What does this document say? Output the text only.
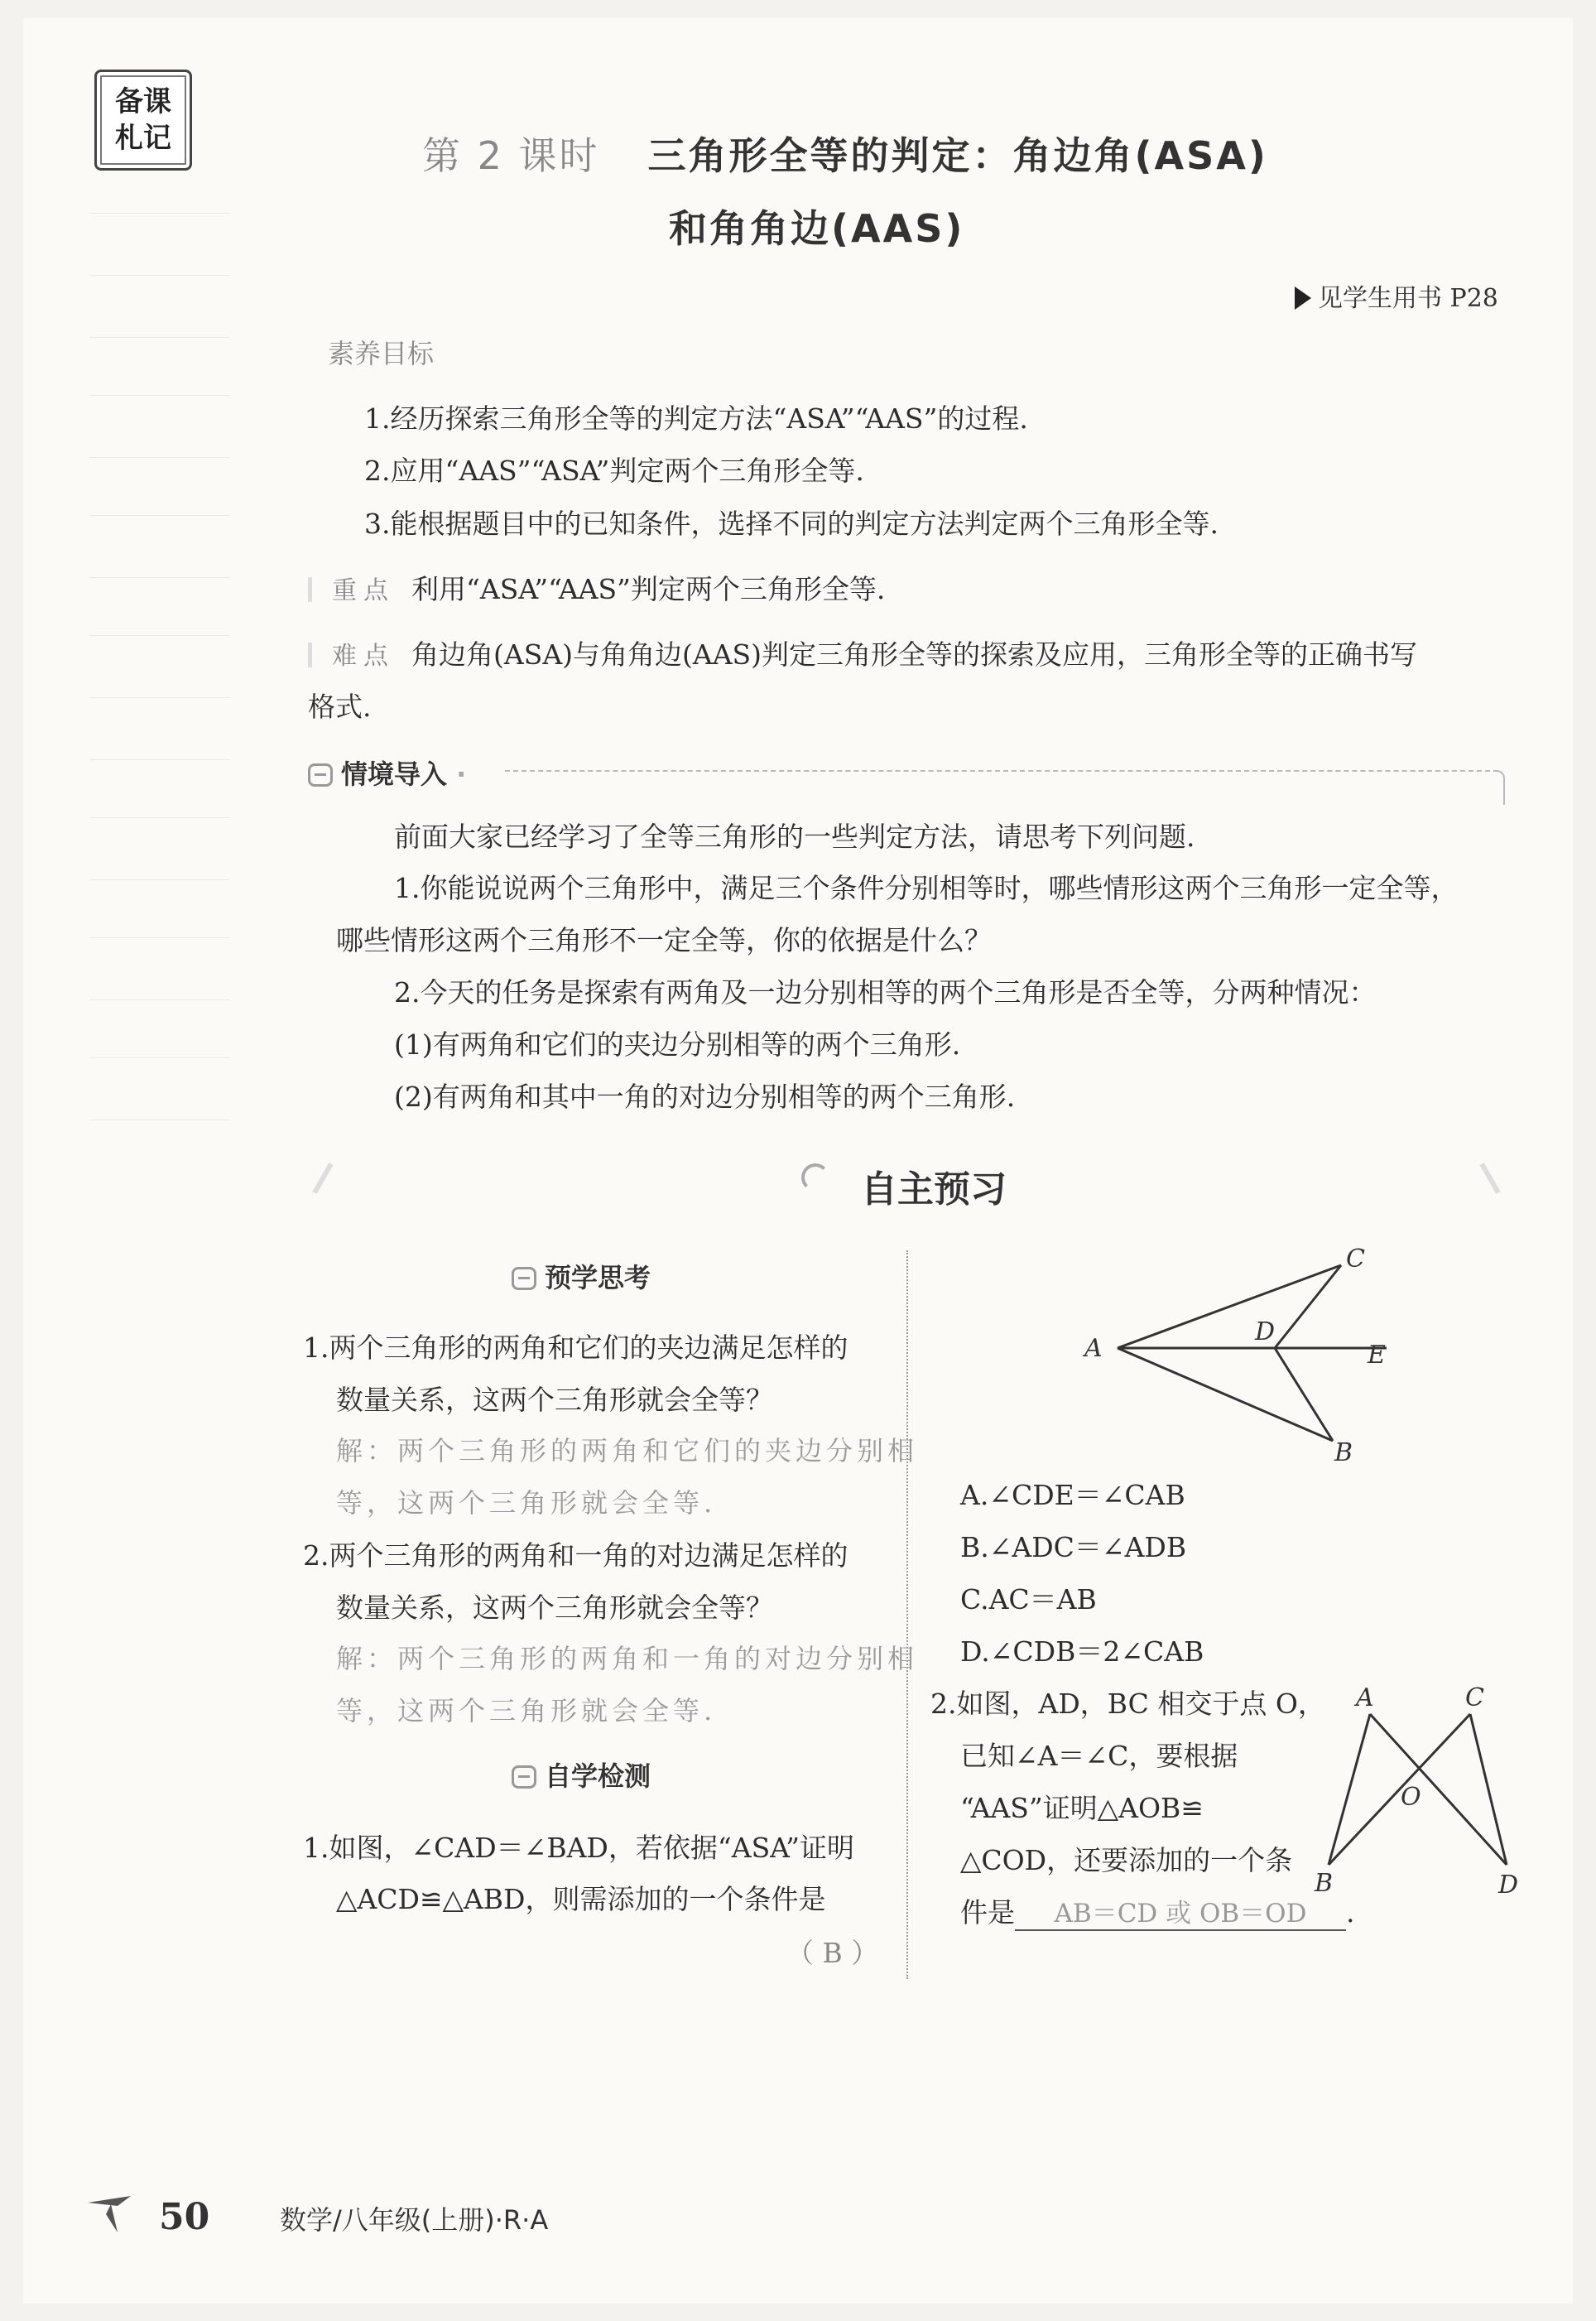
备课
札记	第 2 课时 三角形全等的判定：角边角(ASA)
和角角边(AAS)
见学生用书 P28
素养目标
1.经历探索三角形全等的判定方法“ASA”“AAS”的过程.
2.应用“AAS”“ASA”判定两个三角形全等.
3.能根据题目中的已知条件，选择不同的判定方法判定两个三角形全等.
重点 利用“ASA”“AAS”判定两个三角形全等.
难点 角边角(ASA)与角角边(AAS)判定三角形全等的探索及应用，三角形全等的正确书写
格式.
情境导入 ·
前面大家已经学习了全等三角形的一些判定方法，请思考下列问题.
1.你能说说两个三角形中，满足三个条件分别相等时，哪些情形这两个三角形一定全等，
哪些情形这两个三角形不一定全等，你的依据是什么？
2.今天的任务是探索有两角及一边分别相等的两个三角形是否全等，分两种情况：
(1)有两角和它们的夹边分别相等的两个三角形.
(2)有两角和其中一角的对边分别相等的两个三角形.
自主预习
预学思考
1.两个三角形的两角和它们的夹边满足怎样的
数量关系，这两个三角形就会全等？
解：两个三角形的两角和它们的夹边分别相
等，这两个三角形就会全等.
2.两个三角形的两角和一角的对边满足怎样的
数量关系，这两个三角形就会全等？
解：两个三角形的两角和一角的对边分别相
等，这两个三角形就会全等.
自学检测
1.如图，∠CAD＝∠BAD，若依据“ASA”证明
△ACD≌△ABD，则需添加的一个条件是
（ B ）
A
C
D
E
B
A.∠CDE＝∠CAB
B.∠ADC＝∠ADB
C.AC＝AB
D.∠CDB＝2∠CAB
2.如图，AD，BC 相交于点 O，
已知∠A＝∠C，要根据
“AAS”证明△AOB≌
△COD，还要添加的一个条
件是 AB＝CD 或 OB＝OD .
A	C
O
B	D
50	数学/八年级(上册)·R·A
